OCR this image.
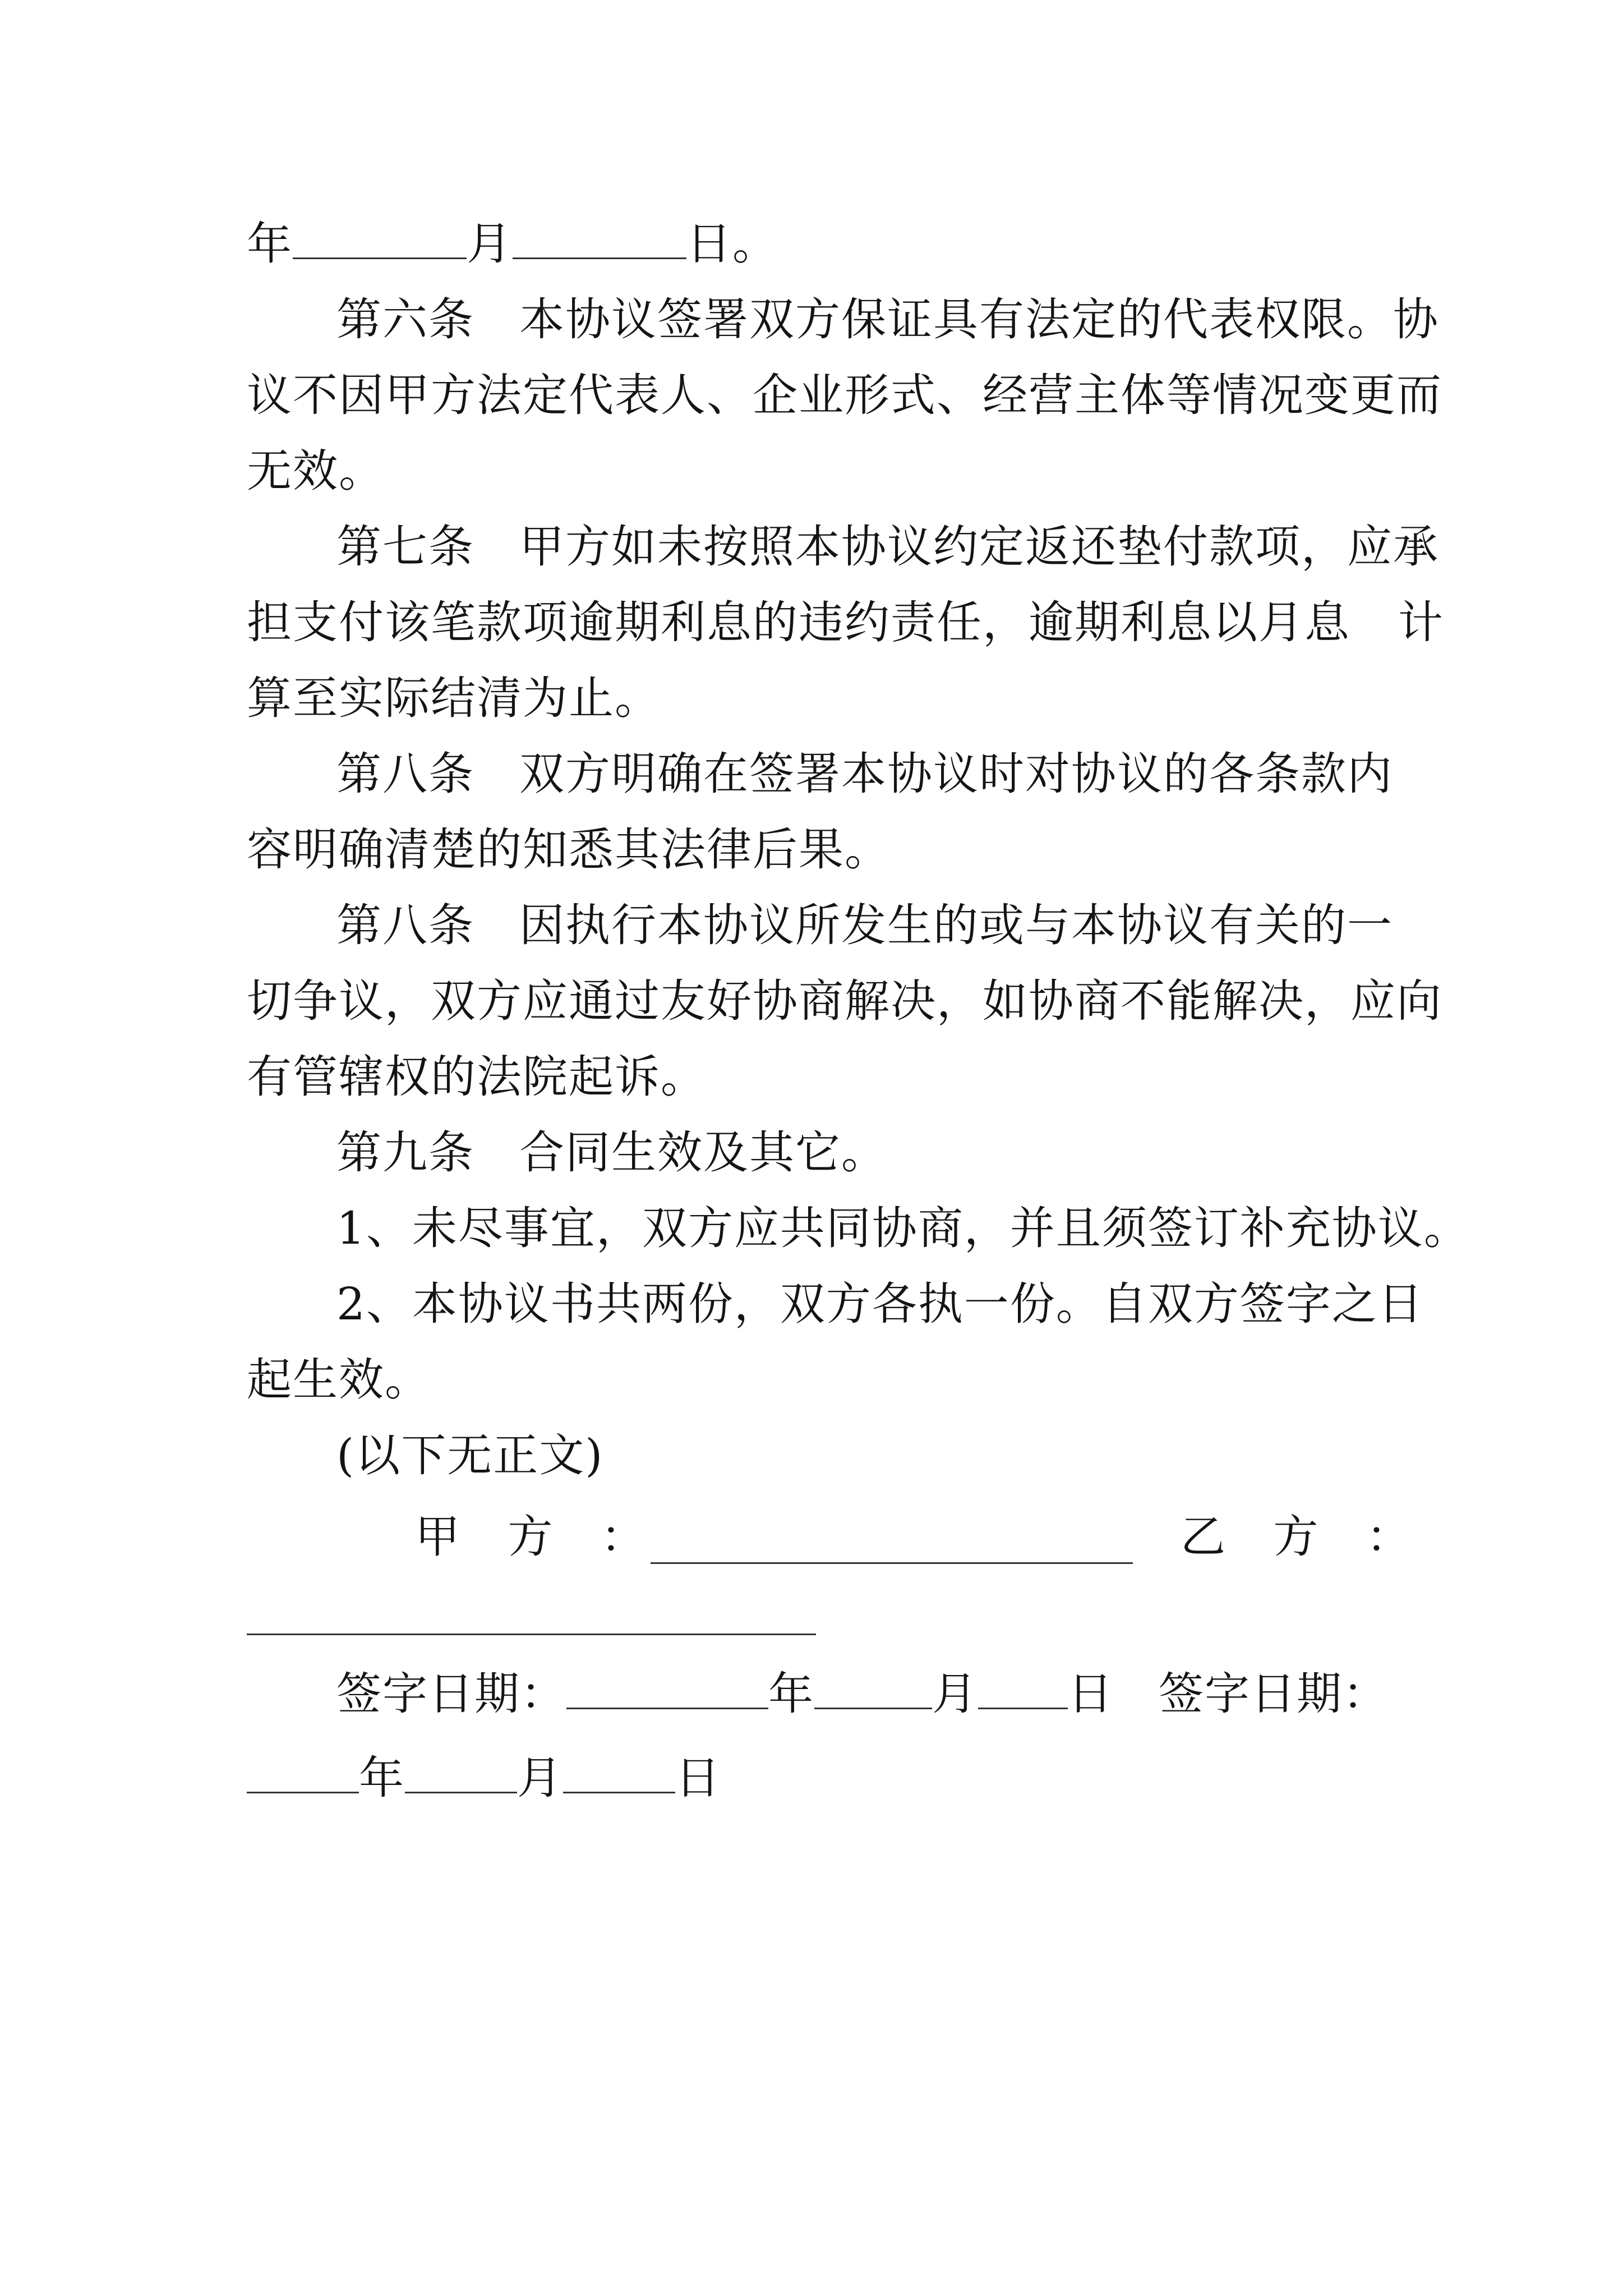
年	月	日。
第六条 本协议签署双方保证具有法定的代表权限。协
议不因甲方法定代表人、企业形式、经营主体等情况变更而
无效。
第七条 甲方如未按照本协议约定返还垫付款项，应承
担支付该笔款项逾期利息的违约责任，逾期利息以月息 计
算至实际结清为止。
第八条 双方明确在签署本协议时对协议的各条款内
容明确清楚的知悉其法律后果。
第八条 因执行本协议所发生的或与本协议有关的一
切争议，双方应通过友好协商解决，如协商不能解决，应向
有管辖权的法院起诉。
第九条 合同生效及其它。
1、未尽事宜，双方应共同协商，并且须签订补充协议。
2、本协议书共两份，双方各执一份。自双方签字之日
起生效。
(以下无正文)
甲 方 ：	乙 方 ：
签字日期：	年	月 日 签字日期：
年	月	日
